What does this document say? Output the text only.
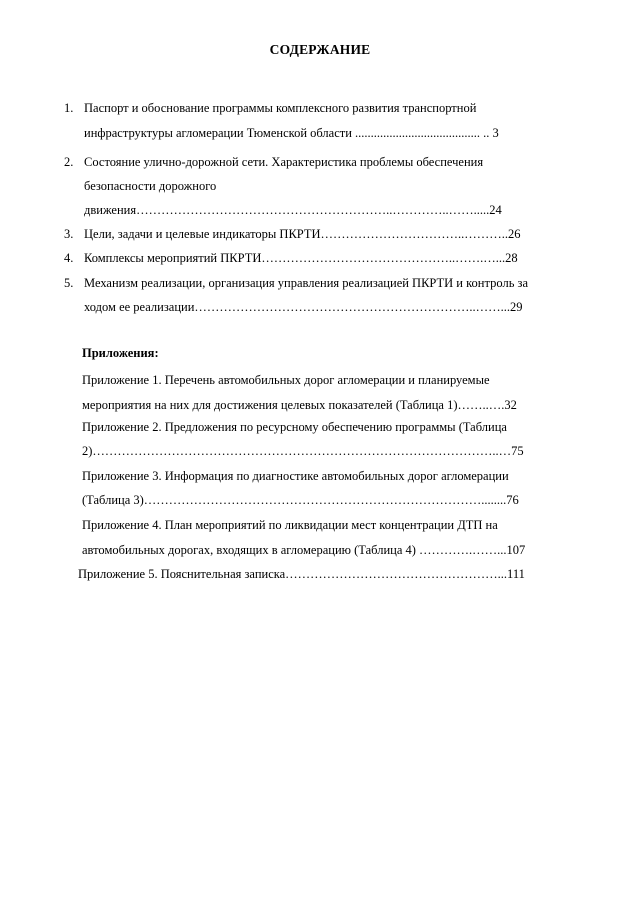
СОДЕРЖАНИЕ
1. Паспорт и обоснование программы комплексного развития транспортной
инфраструктуры агломерации Тюменской области ........................................ .. 3
2. Состояние улично-дорожной сети. Характеристика проблемы обеспечения
безопасности дорожного
движения……………………………………………………..…………..…….....24
3. Цели, задачи и целевые индикаторы ПКРТИ……………………………..………..26
4. Комплексы мероприятий ПКРТИ………………………………………..…….…...28
5. Механизм реализации, организация управления реализацией ПКРТИ и контроль за
ходом ее реализации…………………………………………………………..……...29
Приложения:
Приложение 1. Перечень автомобильных дорог агломерации и планируемые
мероприятия на них для достижения целевых показателей (Таблица 1)……..….32
Приложение 2. Предложения по ресурсному обеспечению программы (Таблица
2)……………………………………………………………………………………..…75
Приложение 3. Информация по диагностике автомобильных дорог агломерации
(Таблица 3)………………………………………………………………………........76
Приложение 4. План мероприятий по ликвидации мест концентрации ДТП на
автомобильных дорогах, входящих в агломерацию (Таблица 4) ………….……...107
Приложение 5. Пояснительная записка……………………………………………...111
